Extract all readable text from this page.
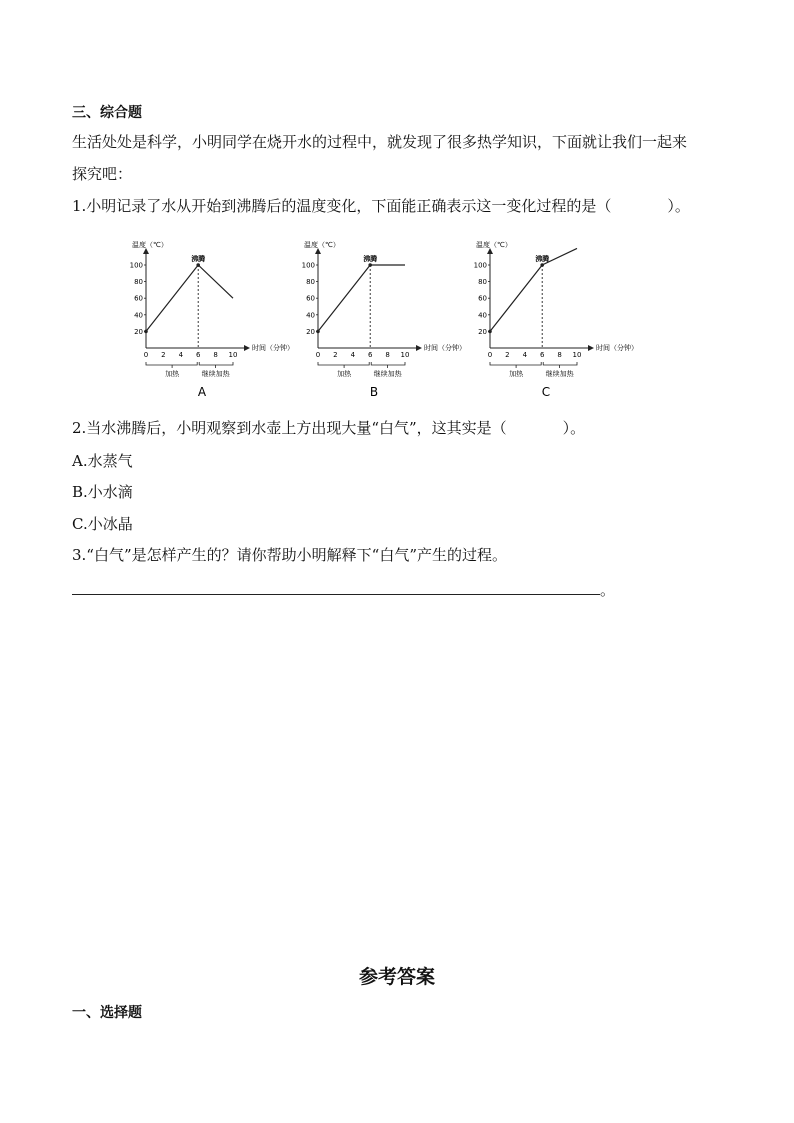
三、综合题
生活处处是科学，小明同学在烧开水的过程中，就发现了很多热学知识，下面就让我们一起来
探究吧：
1.小明记录了水从开始到沸腾后的温度变化，下面能正确表示这一变化过程的是（	）。
温度（℃）
时间（分钟）
20
40
60
80
100
0 2 4 6 8 10
沸腾
加热	继续加热
A
温度（℃）
时间（分钟）
20
40
60
80
100
0 2 4 6 8 10
沸腾
加热	继续加热
B
温度（℃）
时间（分钟）
20
40
60
80
100
0 2 4 6 8 10
沸腾
加热	继续加热
C
2.当水沸腾后，小明观察到水壶上方出现大量“白气”，这其实是（	）。
A.水蒸气
B.小水滴
C.小冰晶
3.“白气”是怎样产生的？请你帮助小明解释下“白气”产生的过程。
。
参考答案
一、选择题
